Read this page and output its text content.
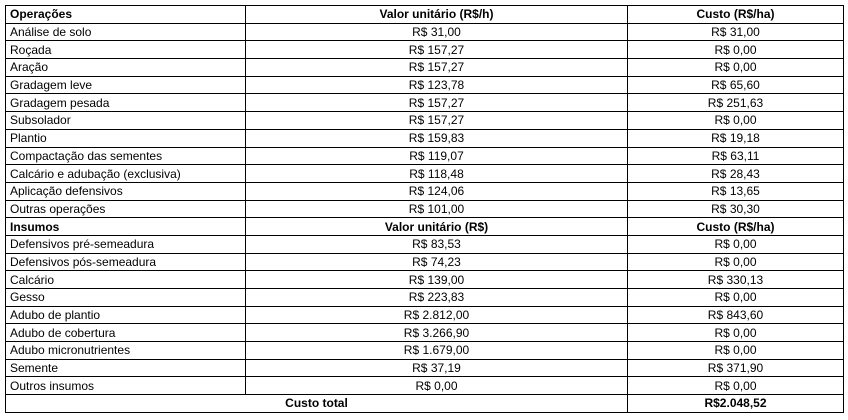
Operações	Valor unitário (R$/h)	Custo (R$/ha)
Análise de solo	R$ 31,00	R$ 31,00
Roçada	R$ 157,27	R$ 0,00
Aração	R$ 157,27	R$ 0,00
Gradagem leve	R$ 123,78	R$ 65,60
Gradagem pesada	R$ 157,27	R$ 251,63
Subsolador	R$ 157,27	R$ 0,00
Plantio	R$ 159,83	R$ 19,18
Compactação das sementes	R$ 119,07	R$ 63,11
Calcário e adubação (exclusiva)	R$ 118,48	R$ 28,43
Aplicação defensivos	R$ 124,06	R$ 13,65
Outras operações	R$ 101,00	R$ 30,30
Insumos	Valor unitário (R$)	Custo (R$/ha)
Defensivos pré-semeadura	R$ 83,53	R$ 0,00
Defensivos pós-semeadura	R$ 74,23	R$ 0,00
Calcário	R$ 139,00	R$ 330,13
Gesso	R$ 223,83	R$ 0,00
Adubo de plantio	R$ 2.812,00	R$ 843,60
Adubo de cobertura	R$ 3.266,90	R$ 0,00
Adubo micronutrientes	R$ 1.679,00	R$ 0,00
Semente	R$ 37,19	R$ 371,90
Outros insumos	R$ 0,00	R$ 0,00
Custo total		R$2.048,52
